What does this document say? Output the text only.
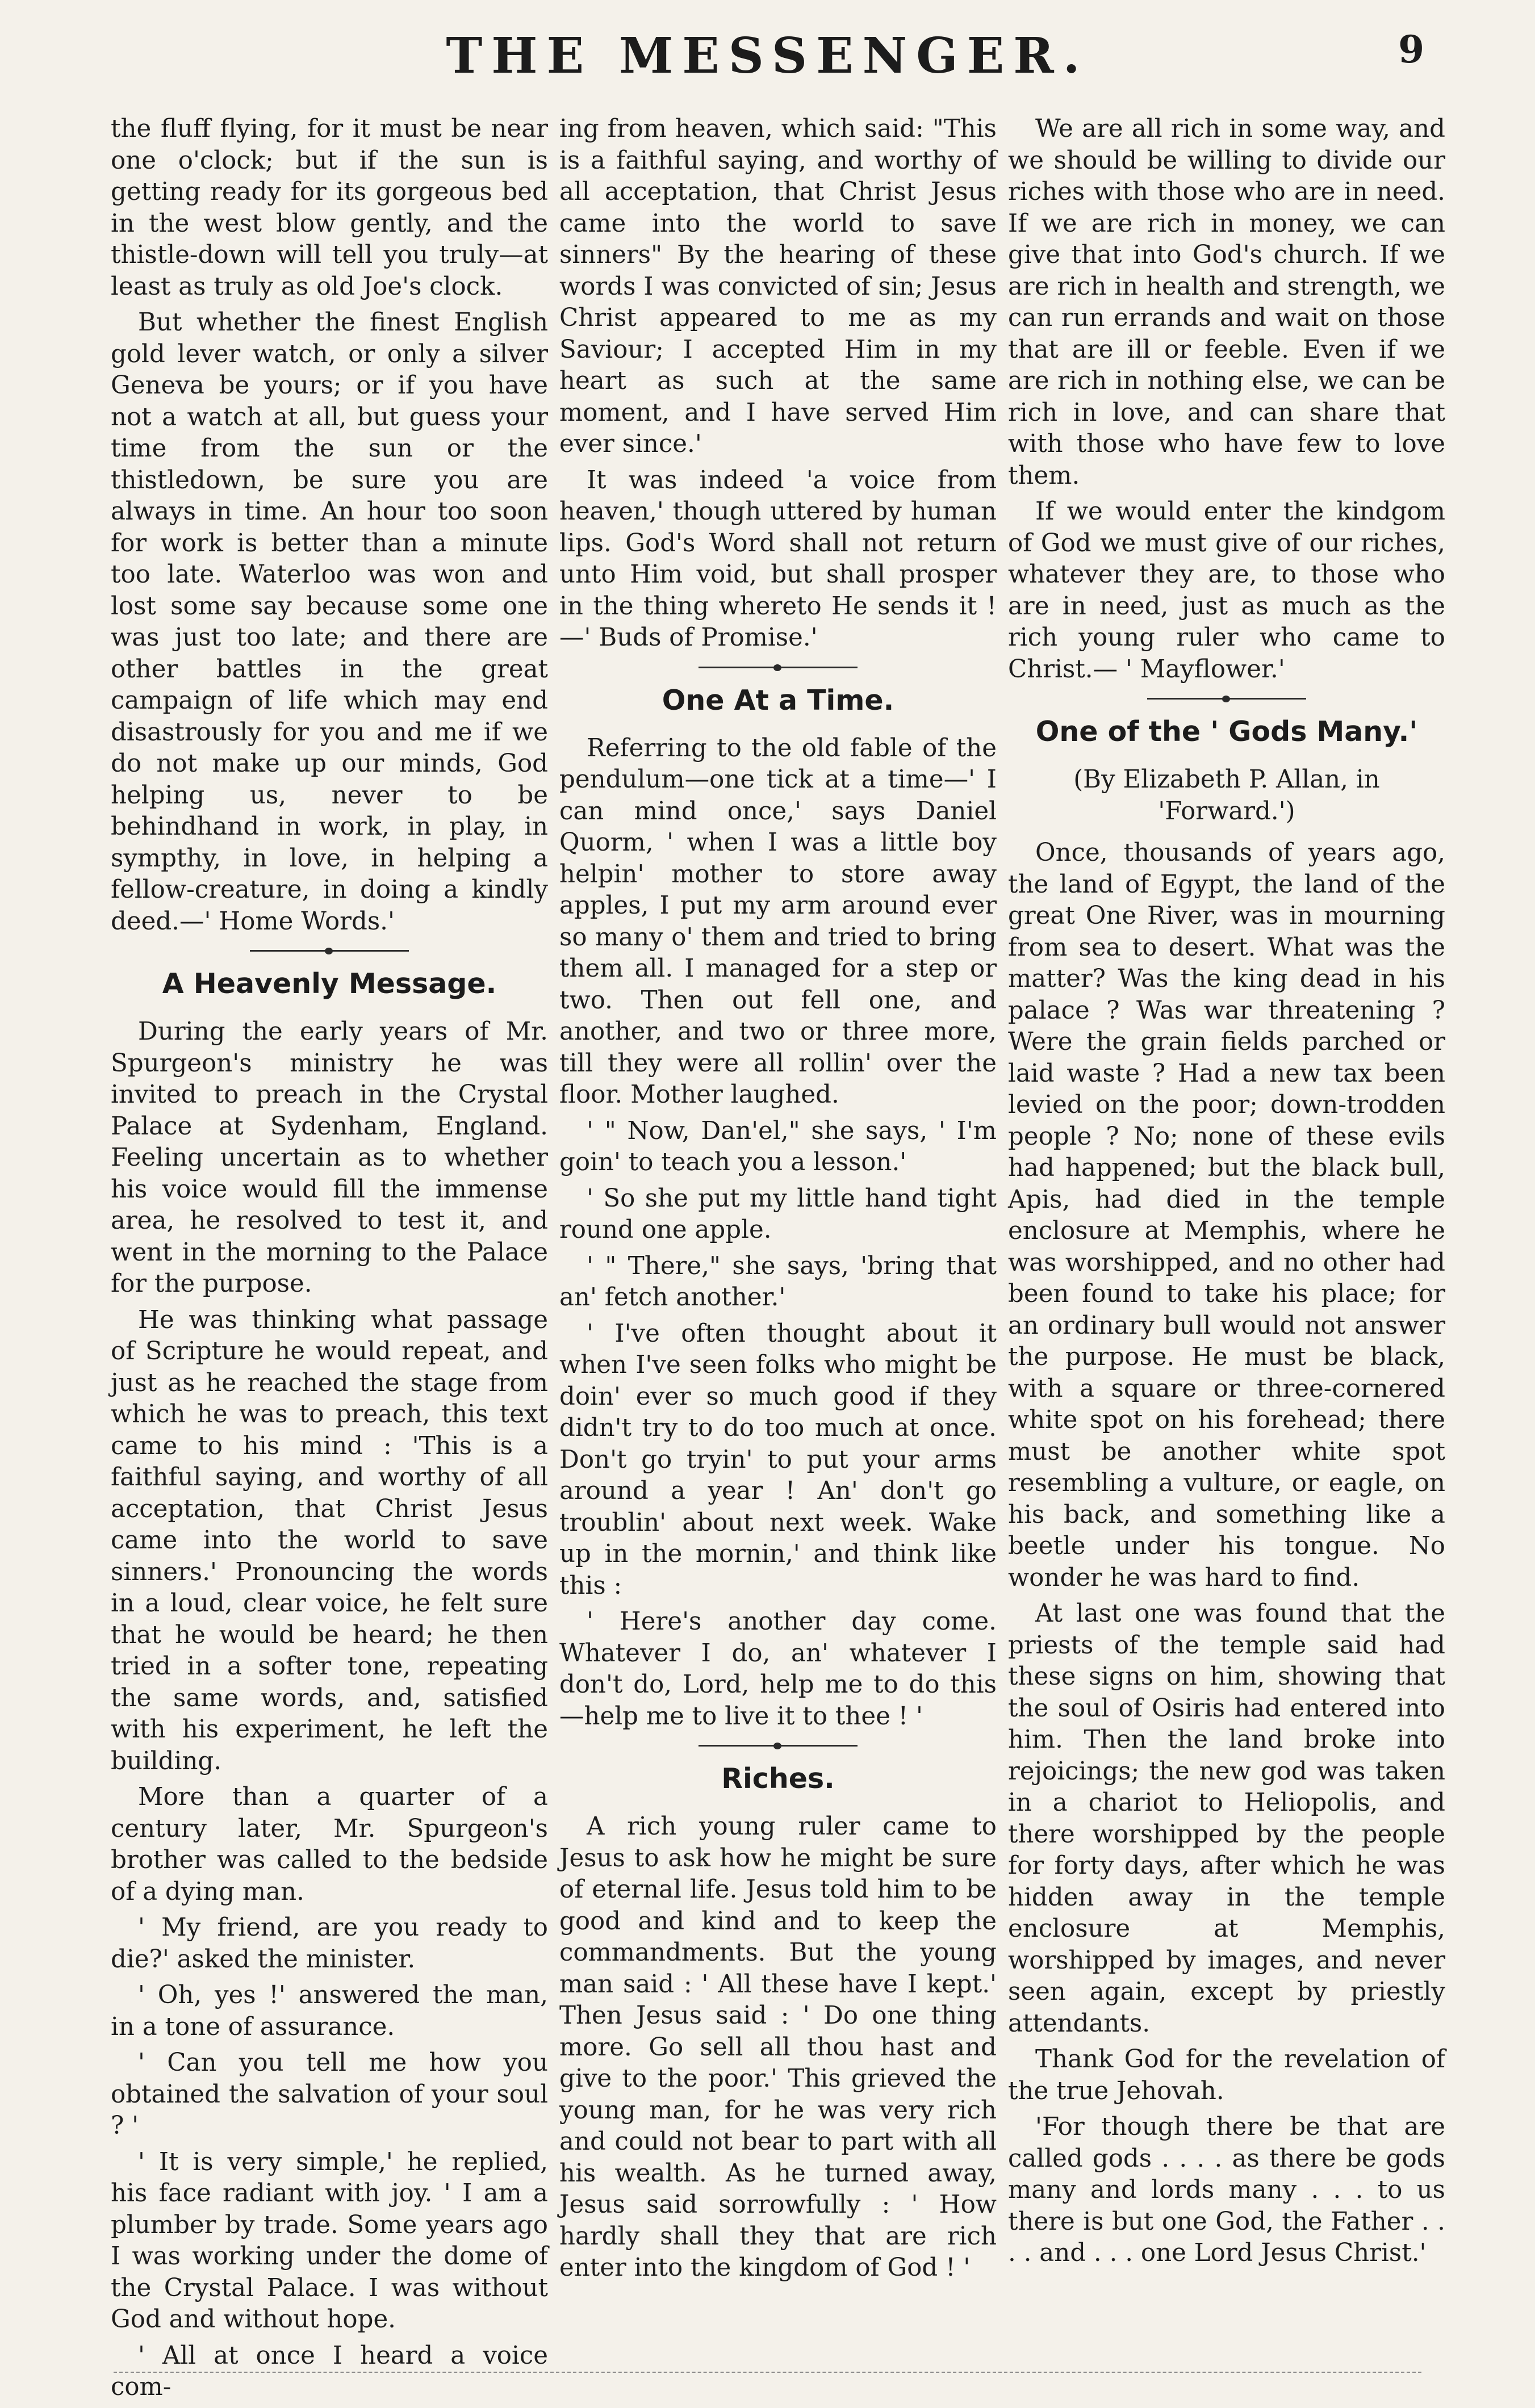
THE MESSENGER.	9

the fluff flying, for it must be near one o'clock; but if the sun is getting ready for its gorgeous bed in the west blow gently, and the thistle-down will tell you truly—at least as truly as old Joe's clock.

But whether the finest English gold lever watch, or only a silver Geneva be yours; or if you have not a watch at all, but guess your time from the sun or the thistledown, be sure you are always in time. An hour too soon for work is better than a minute too late. Waterloo was won and lost some say because some one was just too late; and there are other battles in the great campaign of life which may end disastrously for you and me if we do not make up our minds, God helping us, never to be behindhand in work, in play, in sympthy, in love, in helping a fellow-creature, in doing a kindly deed.—' Home Words.'

A Heavenly Message.

During the early years of Mr. Spurgeon's ministry he was invited to preach in the Crystal Palace at Sydenham, England. Feeling uncertain as to whether his voice would fill the immense area, he resolved to test it, and went in the morning to the Palace for the purpose.

He was thinking what passage of Scripture he would repeat, and just as he reached the stage from which he was to preach, this text came to his mind : 'This is a faithful saying, and worthy of all acceptation, that Christ Jesus came into the world to save sinners.' Pronouncing the words in a loud, clear voice, he felt sure that he would be heard; he then tried in a softer tone, repeating the same words, and, satisfied with his experiment, he left the building.

More than a quarter of a century later, Mr. Spurgeon's brother was called to the bedside of a dying man.

' My friend, are you ready to die?' asked the minister.

' Oh, yes !' answered the man, in a tone of assurance.

' Can you tell me how you obtained the salvation of your soul ? '

' It is very simple,' he replied, his face radiant with joy. ' I am a plumber by trade. Some years ago I was working under the dome of the Crystal Palace. I was without God and without hope.

' All at once I heard a voice com-

ing from heaven, which said: "This is a faithful saying, and worthy of all acceptation, that Christ Jesus came into the world to save sinners" By the hearing of these words I was convicted of sin; Jesus Christ appeared to me as my Saviour; I accepted Him in my heart as such at the same moment, and I have served Him ever since.'

It was indeed 'a voice from heaven,' though uttered by human lips. God's Word shall not return unto Him void, but shall prosper in the thing whereto He sends it !—' Buds of Promise.'

One At a Time.

Referring to the old fable of the pendulum—one tick at a time—' I can mind once,' says Daniel Quorm, ' when I was a little boy helpin' mother to store away apples, I put my arm around ever so many o' them and tried to bring them all. I managed for a step or two. Then out fell one, and another, and two or three more, till they were all rollin' over the floor. Mother laughed.

' " Now, Dan'el," she says, ' I'm goin' to teach you a lesson.'

' So she put my little hand tight round one apple.

' " There," she says, 'bring that an' fetch another.'

' I've often thought about it when I've seen folks who might be doin' ever so much good if they didn't try to do too much at once. Don't go tryin' to put your arms around a year ! An' don't go troublin' about next week. Wake up in the mornin,' and think like this :

' Here's another day come. Whatever I do, an' whatever I don't do, Lord, help me to do this—help me to live it to thee ! '

Riches.

A rich young ruler came to Jesus to ask how he might be sure of eternal life. Jesus told him to be good and kind and to keep the commandments. But the young man said : ' All these have I kept.' Then Jesus said : ' Do one thing more. Go sell all thou hast and give to the poor.' This grieved the young man, for he was very rich and could not bear to part with all his wealth. As he turned away, Jesus said sorrowfully : ' How hardly shall they that are rich enter into the kingdom of God ! '

We are all rich in some way, and we should be willing to divide our riches with those who are in need. If we are rich in money, we can give that into God's church. If we are rich in health and strength, we can run errands and wait on those that are ill or feeble. Even if we are rich in nothing else, we can be rich in love, and can share that with those who have few to love them.

If we would enter the kindgom of God we must give of our riches, whatever they are, to those who are in need, just as much as the rich young ruler who came to Christ.— ' Mayflower.'

One of the ' Gods Many.'

(By Elizabeth P. Allan, in 'Forward.')

Once, thousands of years ago, the land of Egypt, the land of the great One River, was in mourning from sea to desert. What was the matter? Was the king dead in his palace ? Was war threatening ? Were the grain fields parched or laid waste ? Had a new tax been levied on the poor; down-trodden people ? No; none of these evils had happened; but the black bull, Apis, had died in the temple enclosure at Memphis, where he was worshipped, and no other had been found to take his place; for an ordinary bull would not answer the purpose. He must be black, with a square or three-cornered white spot on his forehead; there must be another white spot resembling a vulture, or eagle, on his back, and something like a beetle under his tongue. No wonder he was hard to find.

At last one was found that the priests of the temple said had these signs on him, showing that the soul of Osiris had entered into him. Then the land broke into rejoicings; the new god was taken in a chariot to Heliopolis, and there worshipped by the people for forty days, after which he was hidden away in the temple enclosure at Memphis, worshipped by images, and never seen again, except by priestly attendants.

Thank God for the revelation of the true Jehovah.

'For though there be that are called gods . . . . as there be gods many and lords many . . . to us there is but one God, the Father . . . . and . . . one Lord Jesus Christ.'
